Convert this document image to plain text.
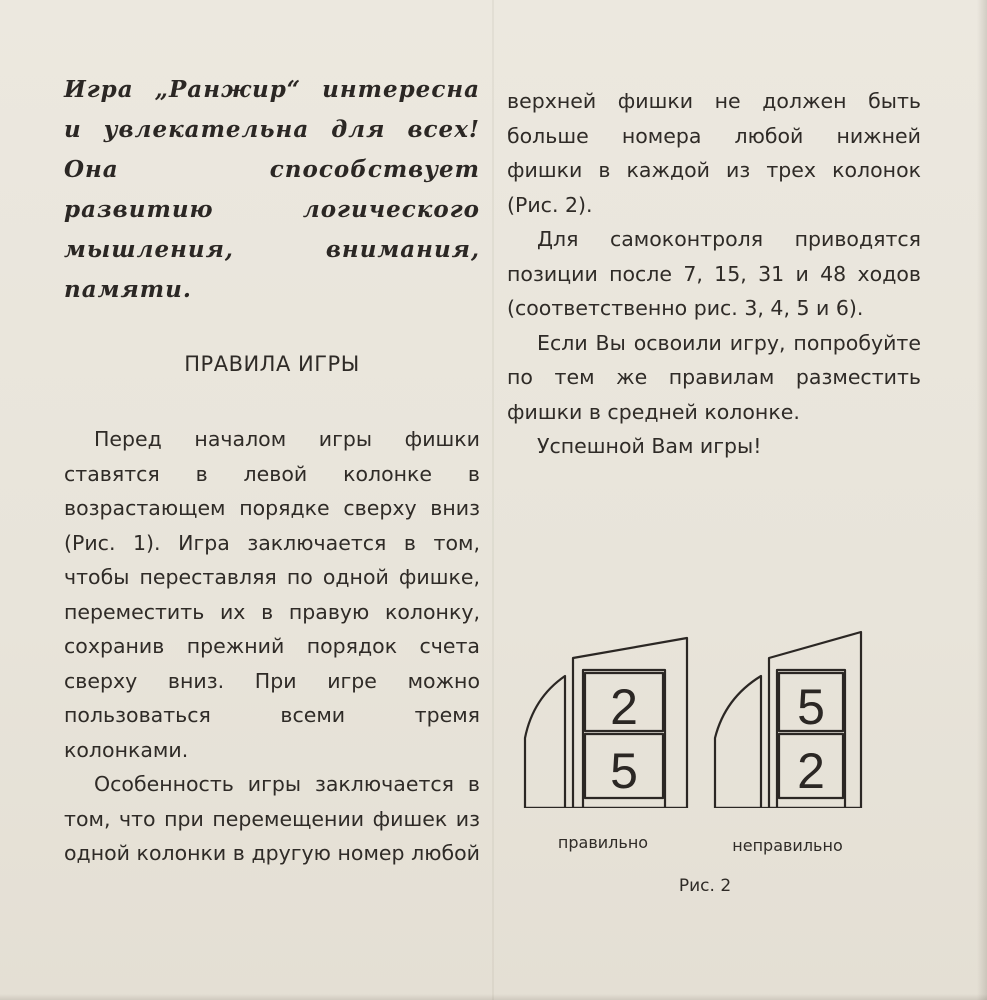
Игра „Ранжир“ интересна и увлекательна для всех! Она способствует развитию логического мышления, внимания, памяти.
ПРАВИЛА ИГРЫ

Перед началом игры фишки ставятся в левой колонке в возрастающем порядке сверху вниз (Рис. 1). Игра заключается в том, чтобы переставляя по одной фишке, переместить их в правую колонку, сохранив прежний порядок счета сверху вниз. При игре можно пользоваться всеми тремя колонками.

Особенность игры заключается в том, что при перемещении фишек из одной колонки в другую номер любой

верхней фишки не должен быть больше номера любой нижней фишки в каждой из трех колонок (Рис. 2).

Для самоконтроля приводятся позиции после 7, 15, 31 и 48 ходов (соответственно рис. 3, 4, 5 и 6).

Если Вы освоили игру, попробуйте по тем же правилам разместить фишки в средней колонке.

Успешной Вам игры!

2
5
5
2
правильно	неправильно
Рис. 2
